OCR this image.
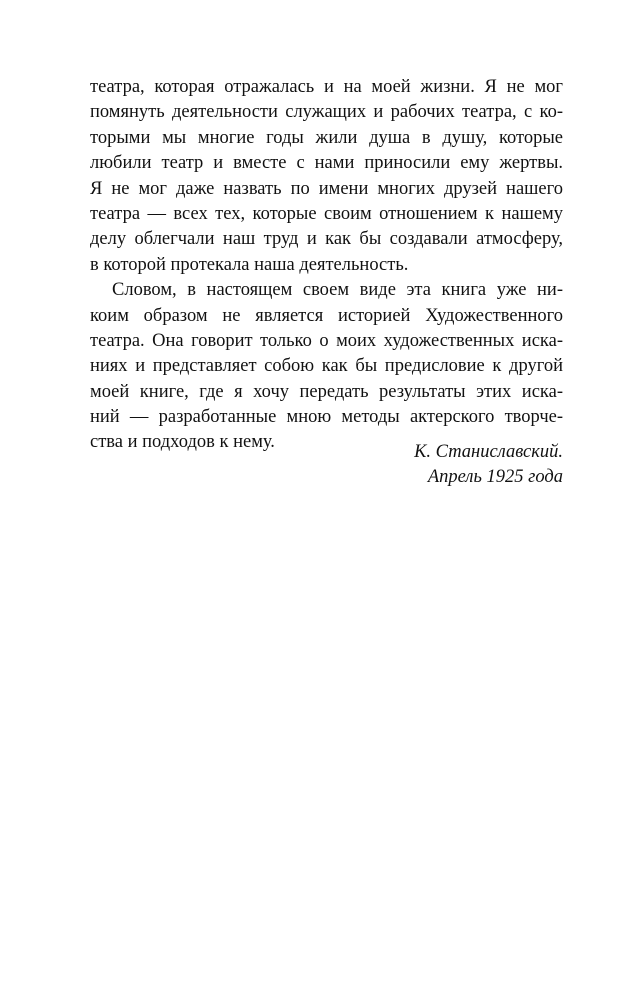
театра, которая отражалась и на моей жизни. Я не мог
помянуть деятельности служащих и рабочих театра, с ко-
торыми мы многие годы жили душа в душу, которые
любили театр и вместе с нами приносили ему жертвы.
Я не мог даже назвать по имени многих друзей нашего
театра — всех тех, которые своим отношением к нашему
делу облегчали наш труд и как бы создавали атмосферу,
в которой протекала наша деятельность.
Словом, в настоящем своем виде эта книга уже ни-
коим образом не является историей Художественного
театра. Она говорит только о моих художественных иска-
ниях и представляет собою как бы предисловие к другой
моей книге, где я хочу передать результаты этих иска-
ний — разработанные мною методы актерского творче-
ства и подходов к нему.	К. Станиславский.
Апрель 1925 года
